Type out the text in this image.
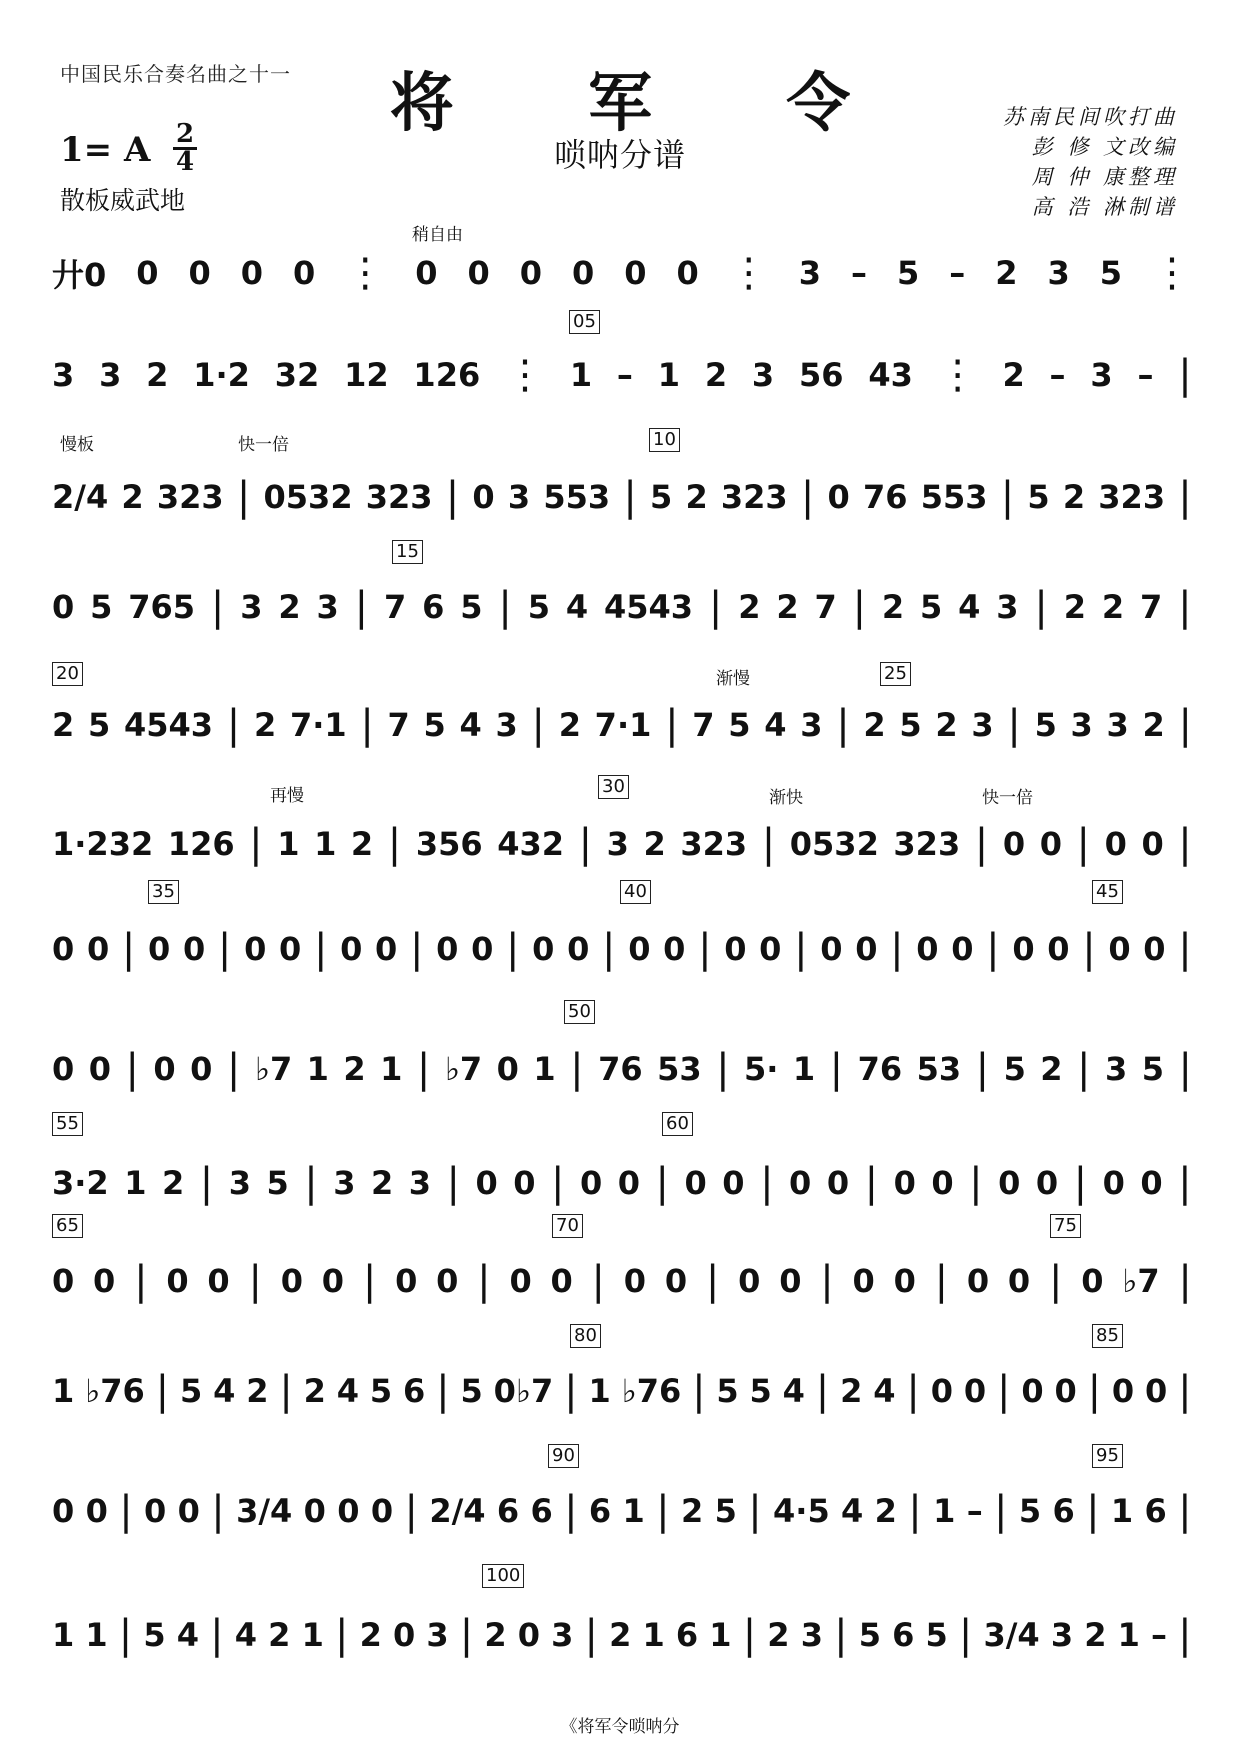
中国民乐合奏名曲之十一	将 军 令
唢呐分谱
1= A 2
4
散板威武地
苏南民间吹打曲
彭 修 文改编
周 仲 康整理
高 浩 淋制谱
稍自由
廾0 0 0 0 0 ⋮ 0 0 0 0 0 0 ⋮ 3 – 5 – 2 3 5 ⋮
05
3 3 2 1·2 32 12 126 ⋮ 1 – 1 2 3 56 43 ⋮ 2 – 3 – |
慢板	快一倍	10
2/4 2 323 | 0532 323 | 0 3 553 | 5 2 323 | 0 76 553 | 5 2 323 |
15
0 5 765 | 3 2 3 | 7 6 5 | 5 4 4543 | 2 2 7 | 2 5 4 3 | 2 2 7 |
20	渐慢	25
2 5 4543 | 2 7·1 | 7 5 4 3 | 2 7·1 | 7 5 4 3 | 2 5 2 3 | 5 3 3 2 |
再慢	30
渐快	快一倍
1·232 126 | 1 1 2 | 356 432 | 3 2 323 | 0532 323 | 0 0 | 0 0 |
35	40	45
0 0 | 0 0 | 0 0 | 0 0 | 0 0 | 0 0 | 0 0 | 0 0 | 0 0 | 0 0 | 0 0 | 0 0 |
50
0 0 | 0 0 | ♭7 1 2 1 | ♭7 0 1 | 76 53 | 5· 1 | 76 53 | 5 2 | 3 5 |
55	60
3·2 1 2 | 3 5 | 3 2 3 | 0 0 | 0 0 | 0 0 | 0 0 | 0 0 | 0 0 | 0 0 |
65	70	75
0 0 | 0 0 | 0 0 | 0 0 | 0 0 | 0 0 | 0 0 | 0 0 | 0 0 | 0 ♭7 |
80	85
1 ♭76 | 5 4 2 | 2 4 5 6 | 5 0♭7 | 1 ♭76 | 5 5 4 | 2 4 | 0 0 | 0 0 | 0 0 |
90	95
0 0 | 0 0 | 3/4 0 0 0 | 2/4 6 6 | 6 1 | 2 5 | 4·5 4 2 | 1 – | 5 6 | 1 6 |
100
1 1 | 5 4 | 4 2 1 | 2 0 3 | 2 0 3 | 2 1 6 1 | 2 3 | 5 6 5 | 3/4 3 2 1 – |
《将军令唢呐分
